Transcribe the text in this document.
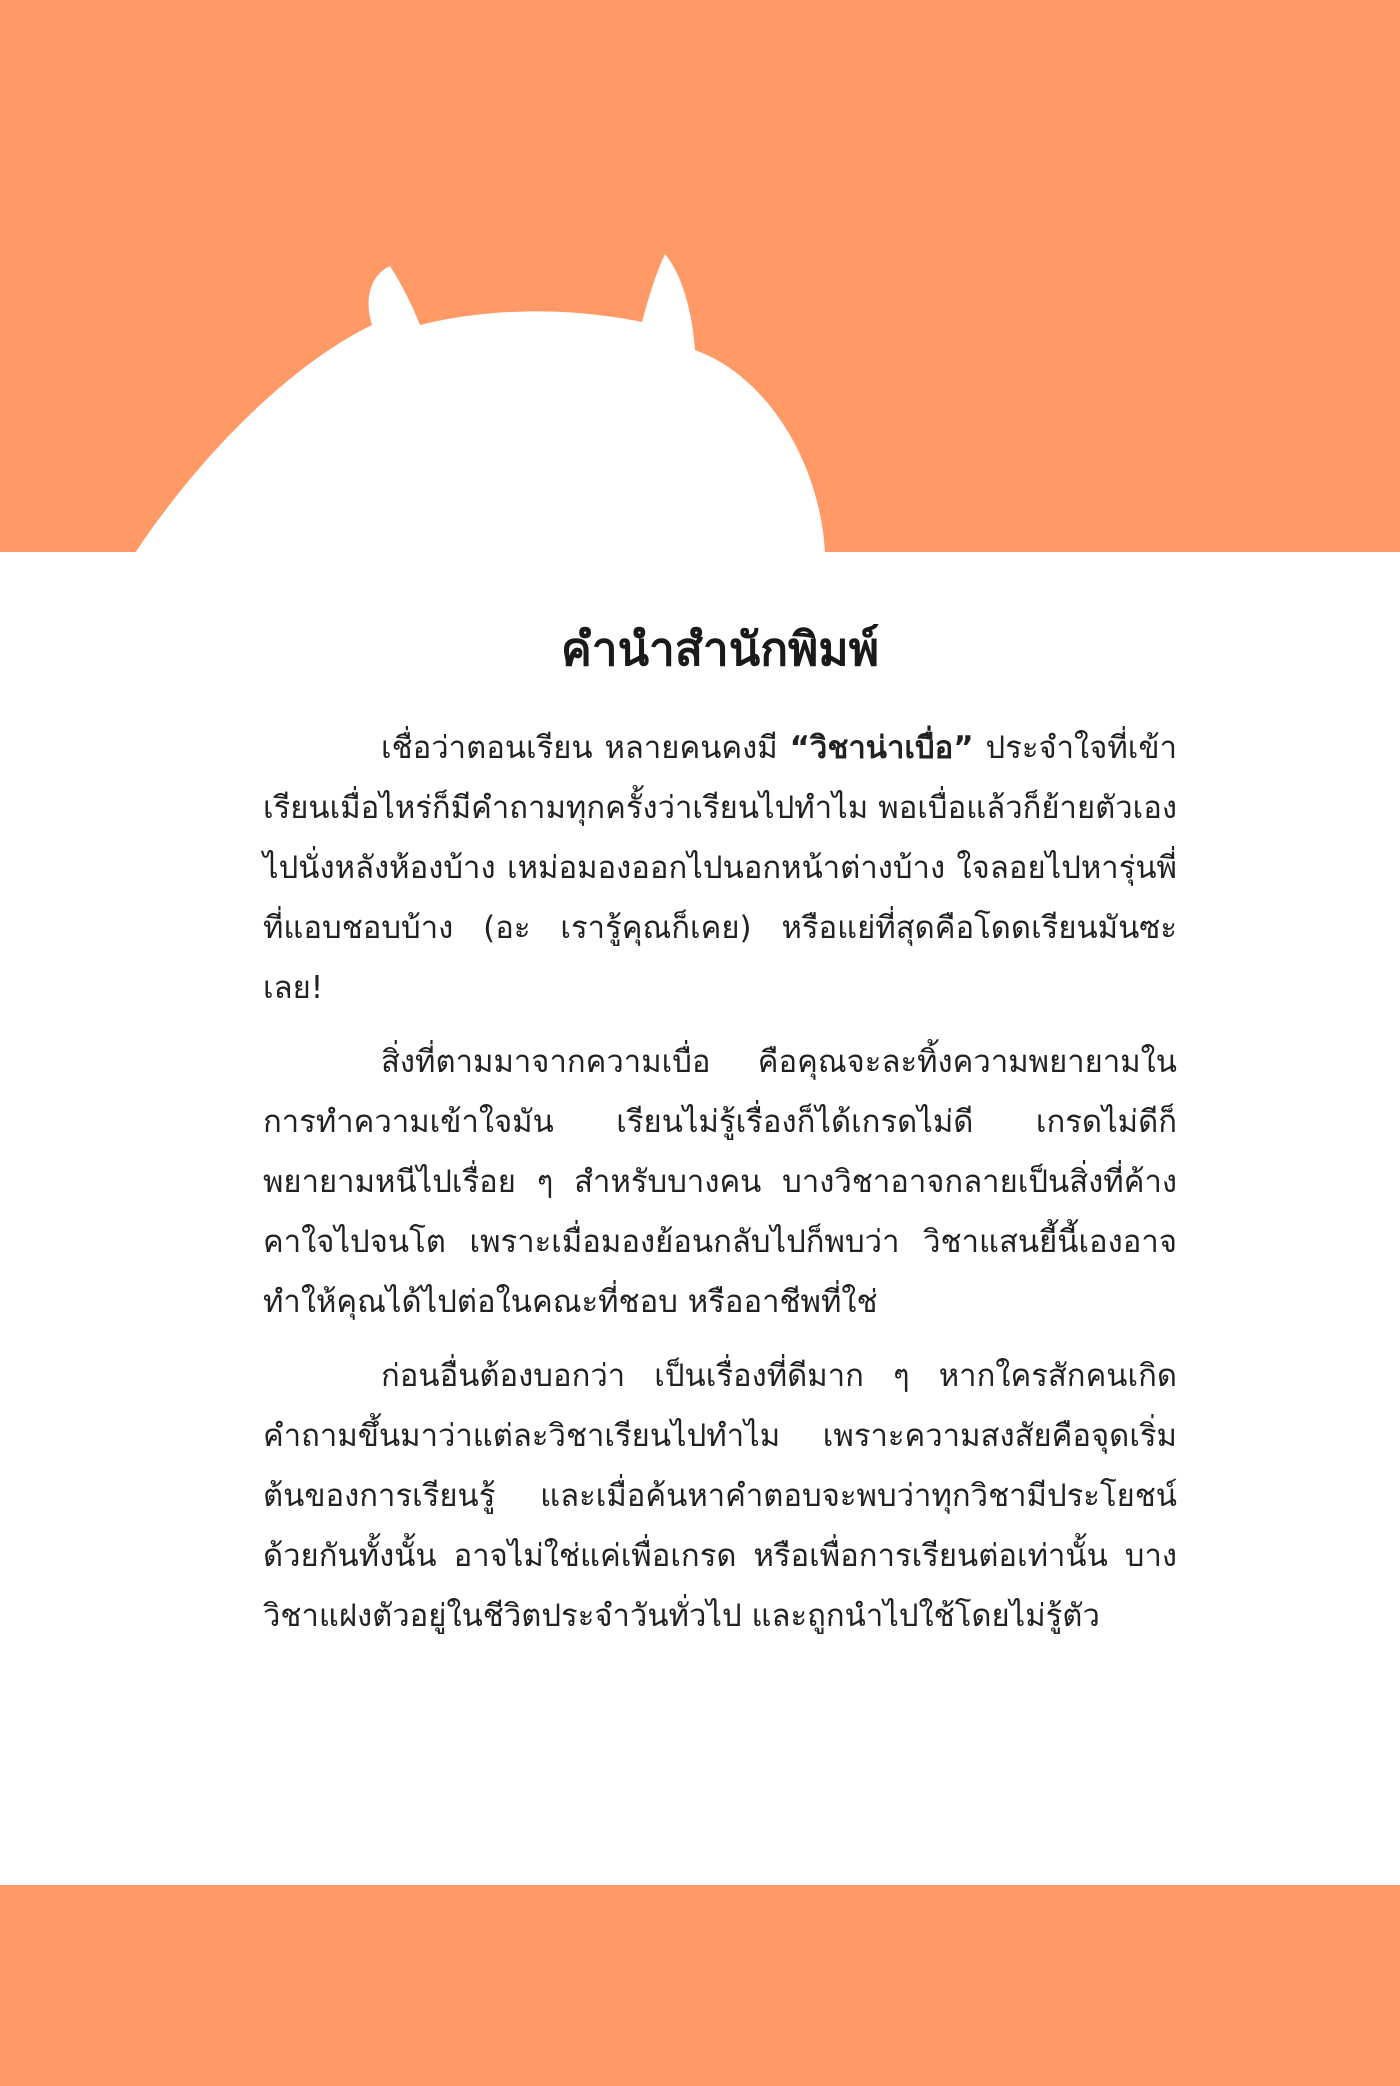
คำนำสำนักพิมพ์

เชื่อว่าตอนเรียน หลายคนคงมี “วิชาน่าเบื่อ” ประจำใจที่เข้าเรียนเมื่อไหร่ก็มีคำถามทุกครั้งว่าเรียนไปทำไม พอเบื่อแล้วก็ย้ายตัวเองไปนั่งหลังห้องบ้าง เหม่อมองออกไปนอกหน้าต่างบ้าง ใจลอยไปหารุ่นพี่ที่แอบชอบบ้าง (อะ เรารู้คุณก็เคย) หรือแย่ที่สุดคือโดดเรียนมันซะเลย!

สิ่งที่ตามมาจากความเบื่อ คือคุณจะละทิ้งความพยายามในการทำความเข้าใจมัน เรียนไม่รู้เรื่องก็ได้เกรดไม่ดี เกรดไม่ดีก็พยายามหนีไปเรื่อย ๆ สำหรับบางคน บางวิชาอาจกลายเป็นสิ่งที่ค้างคาใจไปจนโต เพราะเมื่อมองย้อนกลับไปก็พบว่า วิชาแสนยี้นี้เองอาจทำให้คุณได้ไปต่อในคณะที่ชอบ หรืออาชีพที่ใช่

ก่อนอื่นต้องบอกว่า เป็นเรื่องที่ดีมาก ๆ หากใครสักคนเกิดคำถามขึ้นมาว่าแต่ละวิชาเรียนไปทำไม เพราะความสงสัยคือจุดเริ่มต้นของการเรียนรู้ และเมื่อค้นหาคำตอบจะพบว่าทุกวิชามีประโยชน์ด้วยกันทั้งนั้น อาจไม่ใช่แค่เพื่อเกรด หรือเพื่อการเรียนต่อเท่านั้น บางวิชาแฝงตัวอยู่ในชีวิตประจำวันทั่วไป และถูกนำไปใช้โดยไม่รู้ตัว
